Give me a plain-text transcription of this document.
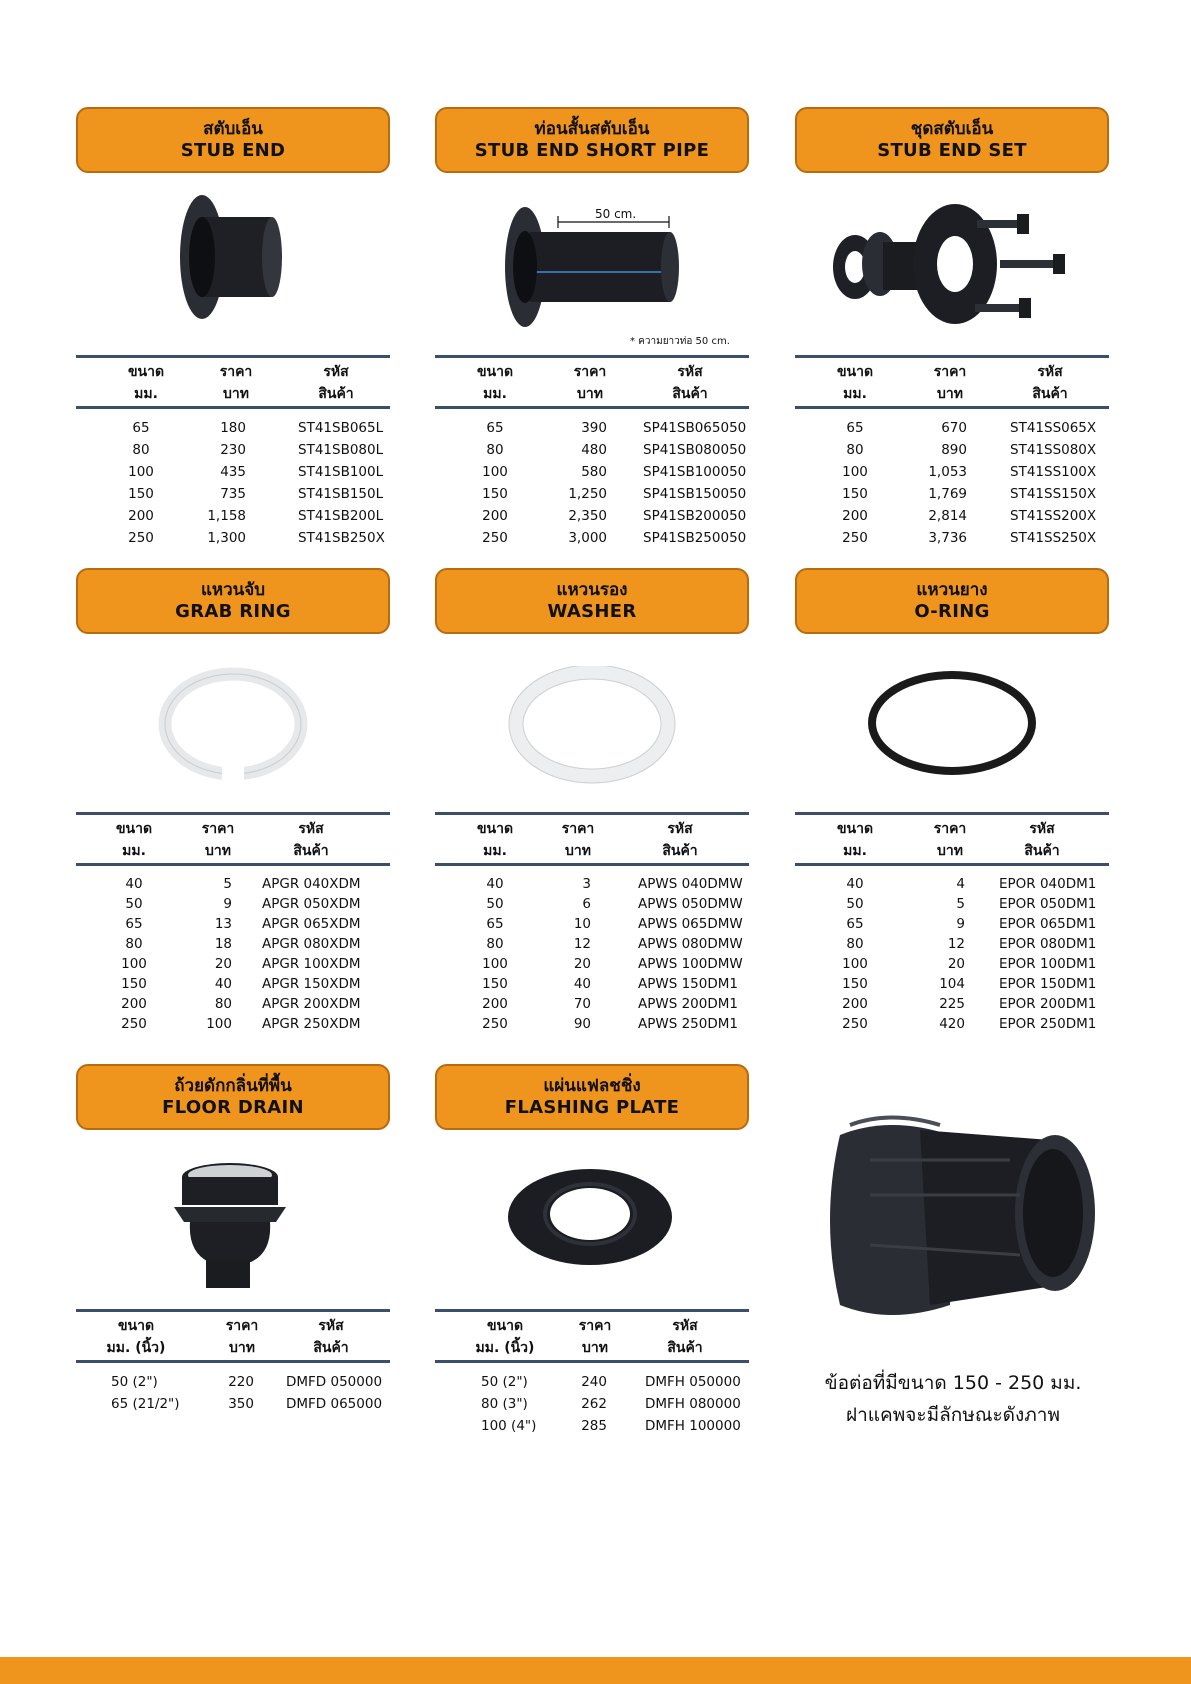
สตับเอ็น
STUB END
ขนาด
มม.
ราคา
บาท
รหัส
สินค้า
65	180	ST41SB065L
80	230	ST41SB080L
100	435	ST41SB100L
150	735	ST41SB150L
200	1,158	ST41SB200L
250	1,300	ST41SB250X
ท่อนสั้นสตับเอ็น
STUB END SHORT PIPE
50 cm.
* ความยาวท่อ 50 cm.
ขนาด
มม.
ราคา
บาท
รหัส
สินค้า
65	390	SP41SB065050
80	480	SP41SB080050
100	580	SP41SB100050
150	1,250	SP41SB150050
200	2,350	SP41SB200050
250	3,000	SP41SB250050
ชุดสตับเอ็น
STUB END SET
ขนาด
มม.
ราคา
บาท
รหัส
สินค้า
65	670	ST41SS065X
80	890	ST41SS080X
100	1,053	ST41SS100X
150	1,769	ST41SS150X
200	2,814	ST41SS200X
250	3,736	ST41SS250X
แหวนจับ
GRAB RING
ขนาด
มม.
ราคา
บาท
รหัส
สินค้า
40	5 APGR 040XDM
50	9 APGR 050XDM
65	13 APGR 065XDM
80	18 APGR 080XDM
100	20 APGR 100XDM
150	40 APGR 150XDM
200	80 APGR 200XDM
250	100 APGR 250XDM
แหวนรอง
WASHER
ขนาด
มม.
ราคา
บาท
รหัส
สินค้า
40	3	APWS 040DMW
50	6	APWS 050DMW
65	10	APWS 065DMW
80	12	APWS 080DMW
100	20	APWS 100DMW
150	40	APWS 150DM1
200	70	APWS 200DM1
250	90	APWS 250DM1
แหวนยาง
O-RING
ขนาด
มม.
ราคา
บาท
รหัส
สินค้า
40	4	EPOR 040DM1
50	5	EPOR 050DM1
65	9	EPOR 065DM1
80	12	EPOR 080DM1
100	20	EPOR 100DM1
150	104	EPOR 150DM1
200	225	EPOR 200DM1
250	420	EPOR 250DM1
ถ้วยดักกลิ่นที่พื้น
FLOOR DRAIN
ขนาด
มม. (นิ้ว)
ราคา
บาท
รหัส
สินค้า
50 (2")	220 DMFD 050000
65 (21/2")	350 DMFD 065000
แผ่นแฟลชชิ่ง
FLASHING PLATE
ขนาด
มม. (นิ้ว)
ราคา
บาท
รหัส
สินค้า
50 (2")	240	DMFH 050000
80 (3")	262	DMFH 080000
100 (4")	285	DMFH 100000
ข้อต่อที่มีขนาด 150 - 250 มม.
ฝาแคพจะมีลักษณะดังภาพ
